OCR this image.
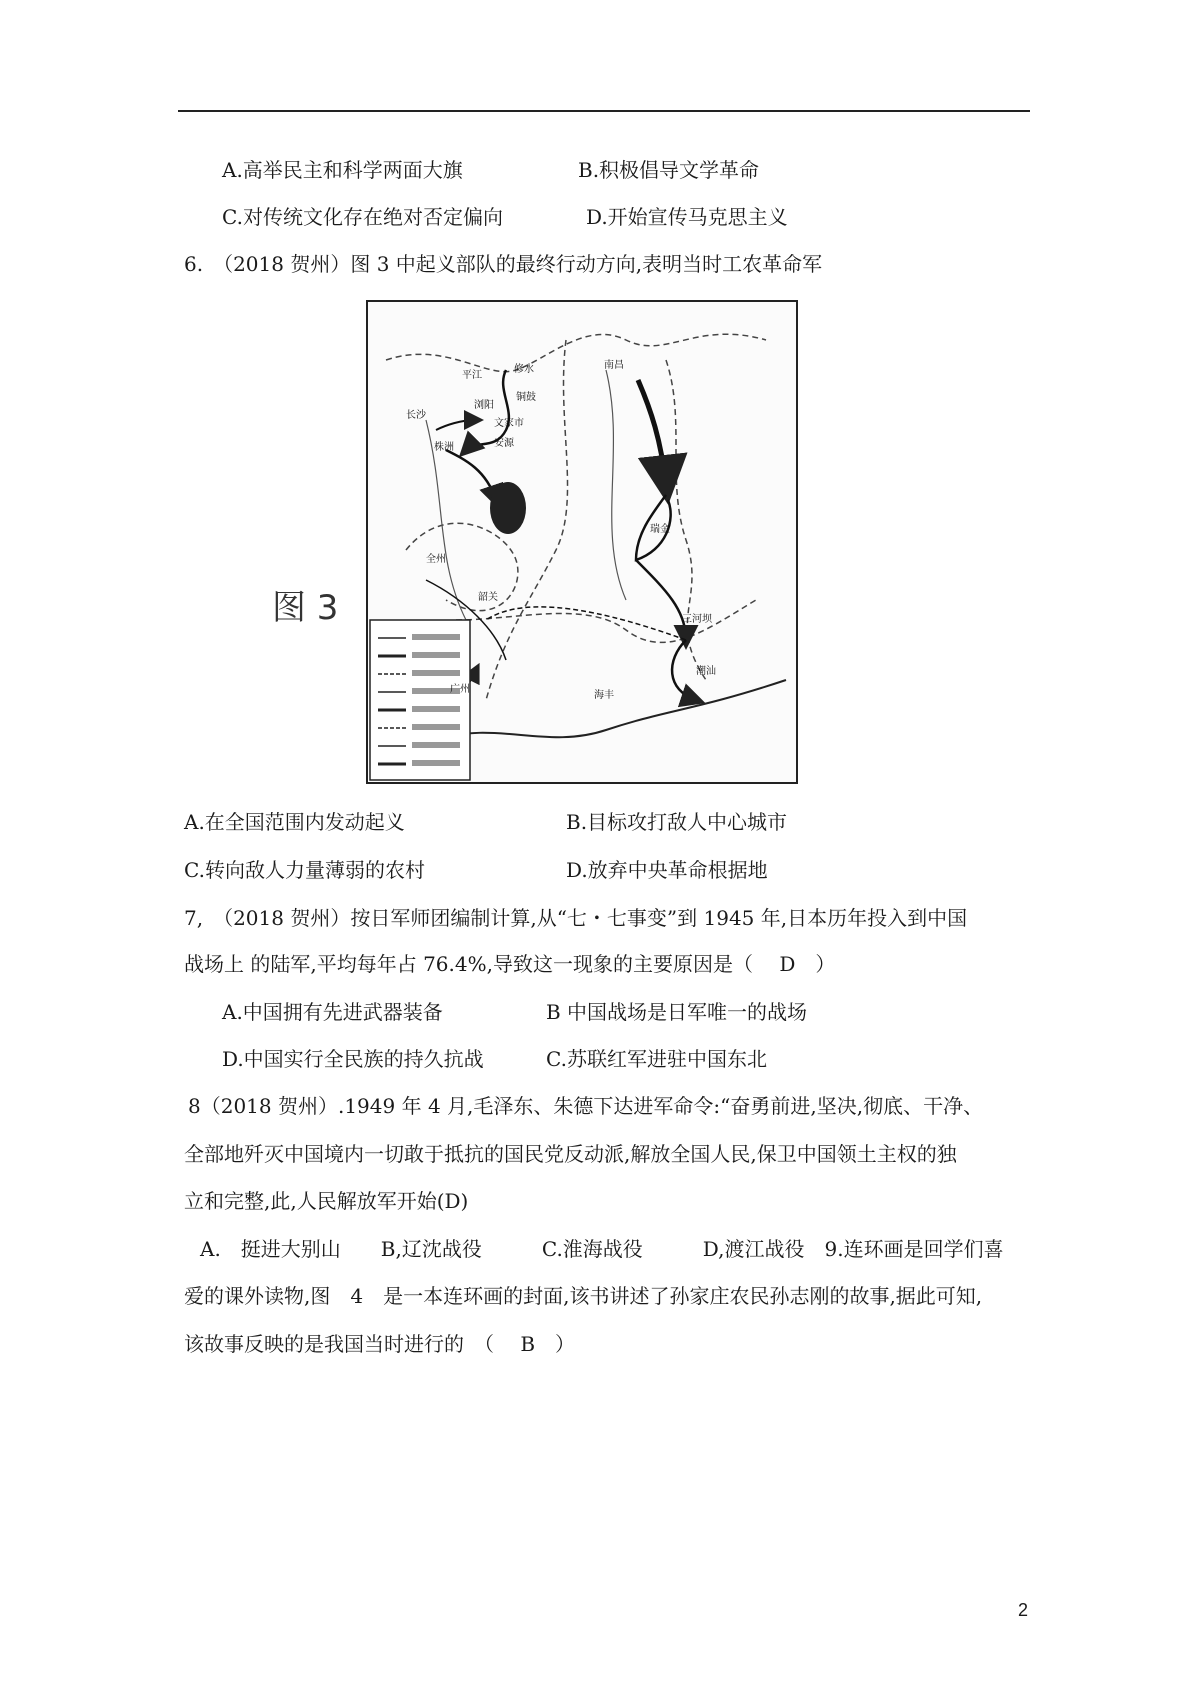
A.高举民主和科学两面大旗	B.积极倡导文学革命
C.对传统文化存在绝对否定偏向	D.开始宣传马克思主义
6.　（2018 贺州）图 3 中起义部队的最终行动方向,表明当时工农革命军
图 3
平江
修水
铜鼓
浏阳
文家市
长沙
安源
株洲
南昌
瑞金
三河坝
韶关
全州
广州
海丰
潮汕
A.在全国范围内发动起义	B.目标攻打敌人中心城市
C.转向敌人力量薄弱的农村	D.放弃中央革命根据地
7,　（2018 贺州）按日军师团编制计算,从“七・七事变”到 1945 年,日本历年投入到中国
战场上 的陆军,平均每年占 76.4%,导致这一现象的主要原因是（　 D　）
A.中国拥有先进武器装备	B 中国战场是日军唯一的战场
D.中国实行全民族的持久抗战	C.苏联红军进驻中国东北
8（2018 贺州）.1949 年 4 月,毛泽东、朱德下达进军命令:“奋勇前进,坚决,彻底、干净、
全部地歼灭中国境内一切敢于抵抗的国民党反动派,解放全国人民,保卫中国领土主权的独
立和完整,此,人民解放军开始(D)
A.　挺进大别山　　B,辽沈战役　　　C.淮海战役　　　D,渡江战役　9.连环画是回学们喜
爱的课外读物,图　4　是一本连环画的封面,该书讲述了孙家庄农民孙志刚的故事,据此可知,
该故事反映的是我国当时进行的　（　 B　）
2
